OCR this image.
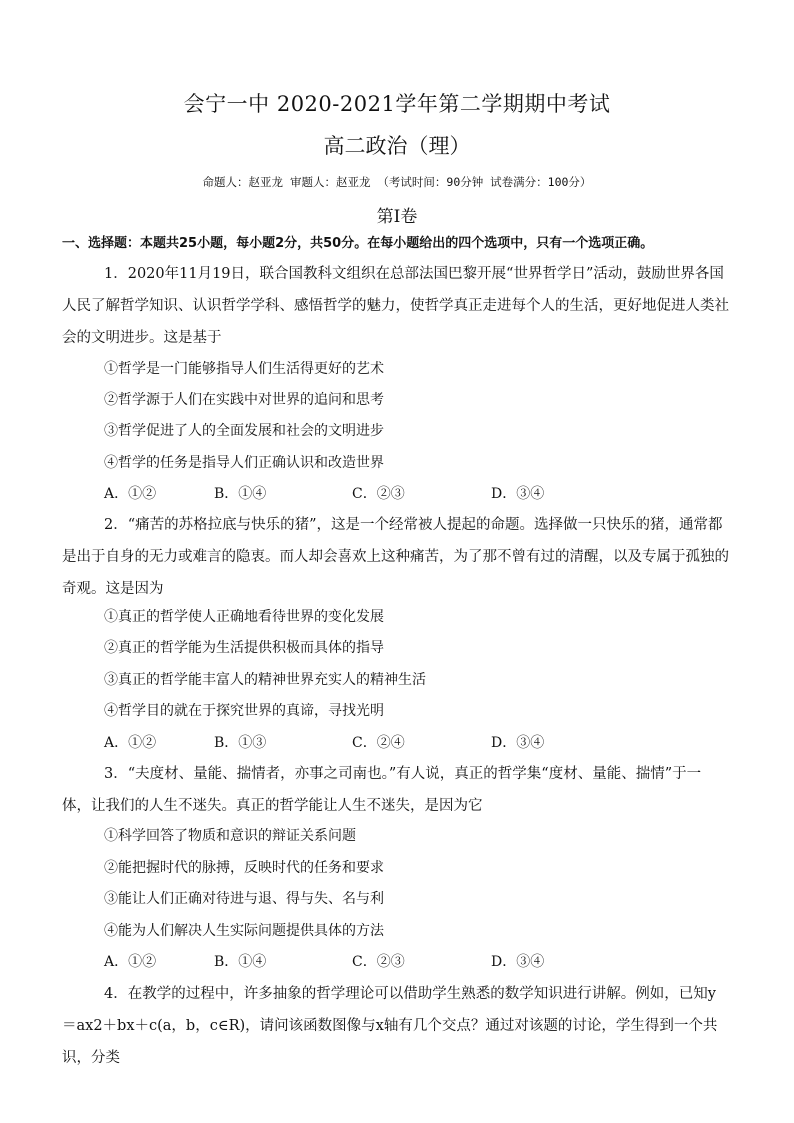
会宁一中 2020-2021学年第二学期期中考试
高二政治（理）
命题人：赵亚龙 审题人：赵亚龙 （考试时间：90分钟 试卷满分：100分）
第Ⅰ卷
一、选择题：本题共25小题，每小题2分，共50分。在每小题给出的四个选项中，只有一个选项正确。
1．2020年11月19日，联合国教科文组织在总部法国巴黎开展“世界哲学日”活动，鼓励世界各国人民了解哲学知识、认识哲学学科、感悟哲学的魅力，使哲学真正走进每个人的生活，更好地促进人类社会的文明进步。这是基于
①哲学是一门能够指导人们生活得更好的艺术
②哲学源于人们在实践中对世界的追问和思考
③哲学促进了人的全面发展和社会的文明进步
④哲学的任务是指导人们正确认识和改造世界
A．①②	B．①④	C．②③	D．③④
2．“痛苦的苏格拉底与快乐的猪”，这是一个经常被人提起的命题。选择做一只快乐的猪，通常都是出于自身的无力或难言的隐衷。而人却会喜欢上这种痛苦，为了那不曾有过的清醒，以及专属于孤独的奇观。这是因为
①真正的哲学使人正确地看待世界的变化发展
②真正的哲学能为生活提供积极而具体的指导
③真正的哲学能丰富人的精神世界充实人的精神生活
④哲学目的就在于探究世界的真谛，寻找光明
A．①②	B．①③	C．②④	D．③④
3．“夫度材、量能、揣情者，亦事之司南也。”有人说，真正的哲学集“度材、量能、揣情”于一体，让我们的人生不迷失。真正的哲学能让人生不迷失，是因为它
①科学回答了物质和意识的辩证关系问题
②能把握时代的脉搏，反映时代的任务和要求
③能让人们正确对待进与退、得与失、名与利
④能为人们解决人生实际问题提供具体的方法
A．①②	B．①④	C．②③	D．③④
4．在教学的过程中，许多抽象的哲学理论可以借助学生熟悉的数学知识进行讲解。例如，已知y＝ax2＋bx＋c(a，b，c∈R)，请问该函数图像与x轴有几个交点？通过对该题的讨论，学生得到一个共识，分类
